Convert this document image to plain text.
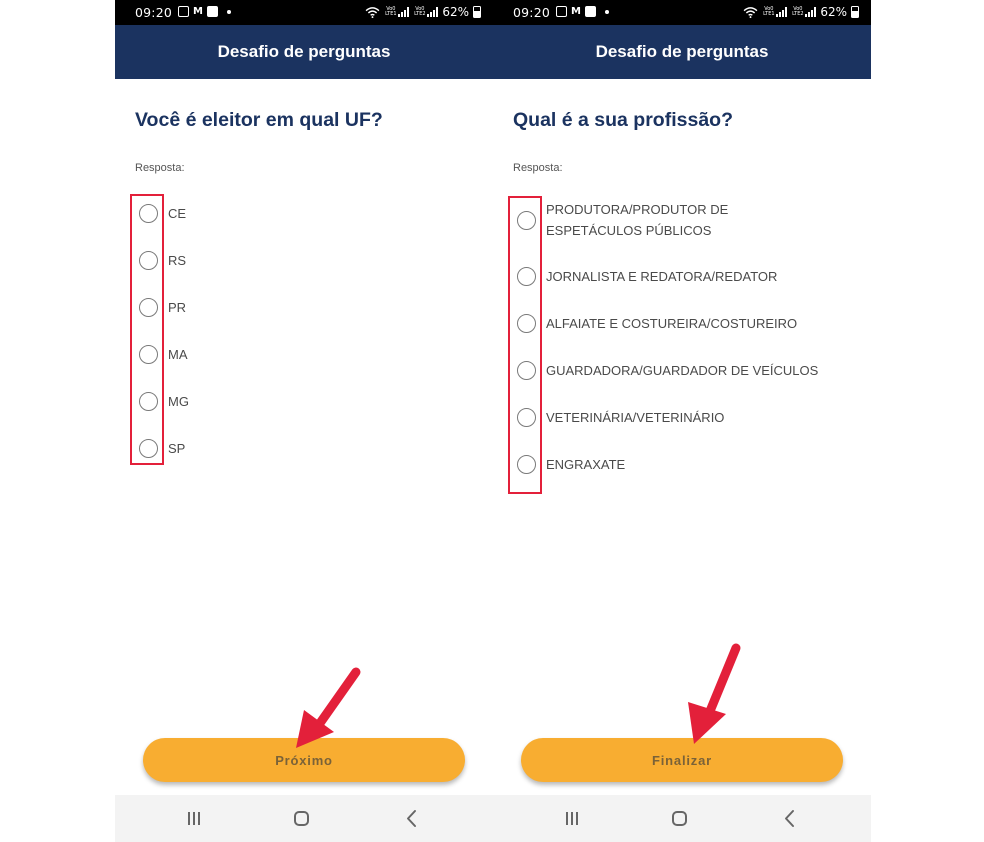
09:20 M	Vo0 LTE1
Vo0 LTE2 62%
Desafio de perguntas
Você é eleitor em qual UF?
Resposta:
CE
RS
PR
MA
MG
SP
Próximo
09:20 M	Vo0 LTE1
Vo0 LTE2 62%
Desafio de perguntas
Qual é a sua profissão?
Resposta:
PRODUTORA/PRODUTOR DE ESPETÁCULOS PÚBLICOS
JORNALISTA E REDATORA/REDATOR
ALFAIATE E COSTUREIRA/COSTUREIRO
GUARDADORA/GUARDADOR DE VEÍCULOS
VETERINÁRIA/VETERINÁRIO
ENGRAXATE
Finalizar
